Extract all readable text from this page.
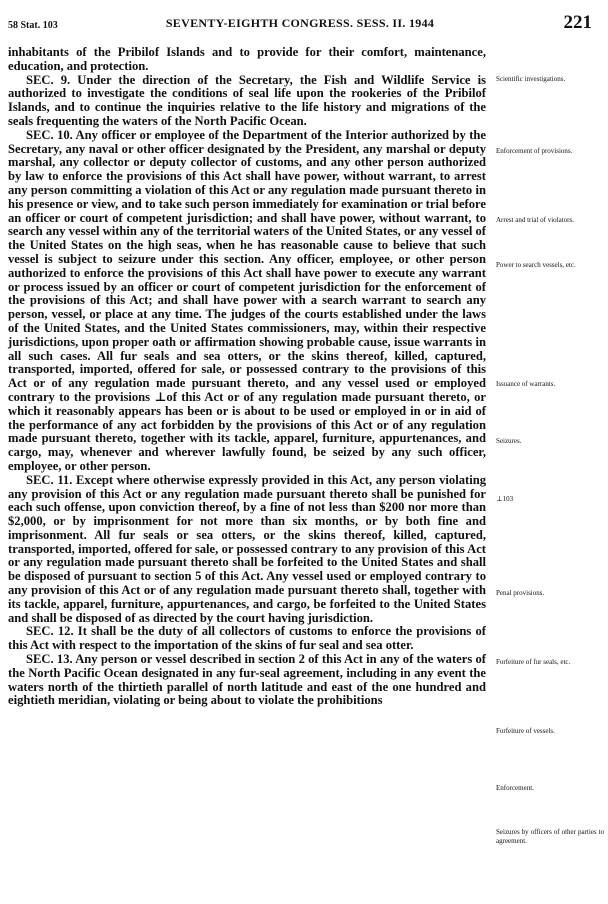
58 Stat. 103	SEVENTY-EIGHTH CONGRESS. SESS. II. 1944	221

inhabitants of the Pribilof Islands and to provide for their comfort, maintenance, education, and protection.

SEC. 9. Under the direction of the Secretary, the Fish and Wildlife Service is authorized to investigate the conditions of seal life upon the rookeries of the Pribilof Islands, and to continue the inquiries relative to the life history and migrations of the seals frequenting the waters of the North Pacific Ocean.

SEC. 10. Any officer or employee of the Department of the Interior authorized by the Secretary, any naval or other officer designated by the President, any marshal or deputy marshal, any collector or deputy collector of customs, and any other person authorized by law to enforce the provisions of this Act shall have power, without warrant, to arrest any person committing a violation of this Act or any regulation made pursuant thereto in his presence or view, and to take such person immediately for examination or trial before an officer or court of competent jurisdiction; and shall have power, without warrant, to search any vessel within any of the territorial waters of the United States, or any vessel of the United States on the high seas, when he has reasonable cause to believe that such vessel is subject to seizure under this section. Any officer, employee, or other person authorized to enforce the provisions of this Act shall have power to execute any warrant or process issued by an officer or court of competent jurisdiction for the enforcement of the provisions of this Act; and shall have power with a search warrant to search any person, vessel, or place at any time. The judges of the courts established under the laws of the United States, and the United States commissioners, may, within their respective jurisdictions, upon proper oath or affirmation showing probable cause, issue warrants in all such cases. All fur seals and sea otters, or the skins thereof, killed, captured, transported, imported, offered for sale, or possessed contrary to the provisions of this Act or of any regulation made pursuant thereto, and any vessel used or employed contrary to the provisions ⊥of this Act or of any regulation made pursuant thereto, or which it reasonably appears has been or is about to be used or employed in or in aid of the performance of any act forbidden by the provisions of this Act or of any regulation made pursuant thereto, together with its tackle, apparel, furniture, appurtenances, and cargo, may, whenever and wherever lawfully found, be seized by any such officer, employee, or other person.

SEC. 11. Except where otherwise expressly provided in this Act, any person violating any provision of this Act or any regulation made pursuant thereto shall be punished for each such offense, upon conviction thereof, by a fine of not less than $200 nor more than $2,000, or by imprisonment for not more than six months, or by both fine and imprisonment. All fur seals or sea otters, or the skins thereof, killed, captured, transported, imported, offered for sale, or possessed contrary to any provision of this Act or any regulation made pursuant thereto shall be forfeited to the United States and shall be disposed of pursuant to section 5 of this Act. Any vessel used or employed contrary to any provision of this Act or of any regulation made pursuant thereto shall, together with its tackle, apparel, furniture, appurtenances, and cargo, be forfeited to the United States and shall be disposed of as directed by the court having jurisdiction.

SEC. 12. It shall be the duty of all collectors of customs to enforce the provisions of this Act with respect to the importation of the skins of fur seal and sea otter.

SEC. 13. Any person or vessel described in section 2 of this Act in any of the waters of the North Pacific Ocean designated in any fur-seal agreement, including in any event the waters north of the thirtieth parallel of north latitude and east of the one hundred and eightieth meridian, violating or being about to violate the prohibitions

Scientific investigations.
Enforcement of provisions.
Arrest and trial of violators.
Power to search vessels, etc.
Issuance of warrants.
Seizures.
⊥103
Penal provisions.
Forfeiture of fur seals, etc.
Forfeiture of vessels.
Enforcement.
Seizures by officers of other parties to agreement.
